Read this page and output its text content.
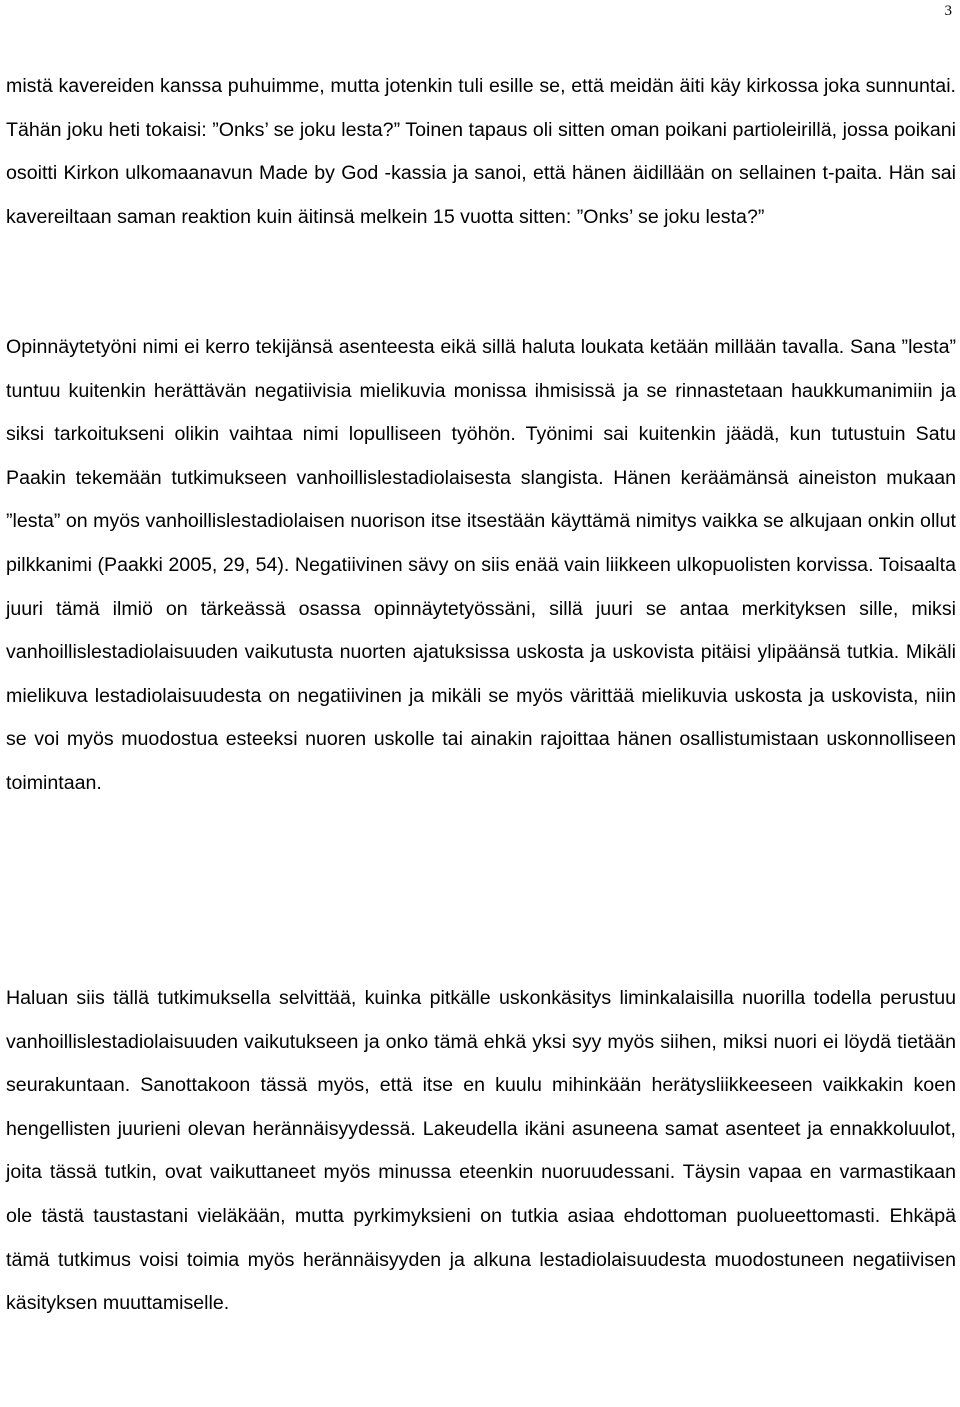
3

mistä kavereiden kanssa puhuimme, mutta jotenkin tuli esille se, että meidän äiti käy kirkossa joka sunnuntai. Tähän joku heti tokaisi: ”Onks’ se joku lesta?” Toinen tapaus oli sitten oman poikani partioleirillä, jossa poikani osoitti Kirkon ulkomaanavun Made by God -kassia ja sanoi, että hänen äidillään on sellainen t-paita. Hän sai kavereiltaan saman reaktion kuin äitinsä melkein 15 vuotta sitten: ”Onks’ se joku lesta?”

Opinnäytetyöni nimi ei kerro tekijänsä asenteesta eikä sillä haluta loukata ketään millään tavalla. Sana ”lesta” tuntuu kuitenkin herättävän negatiivisia mielikuvia monissa ihmisissä ja se rinnastetaan haukkumanimiin ja siksi tarkoitukseni olikin vaihtaa nimi lopulliseen työhön. Työnimi sai kuitenkin jäädä, kun tutustuin Satu Paakin tekemään tutkimukseen vanhoillislestadiolaisesta slangista. Hänen keräämänsä aineiston mukaan ”lesta” on myös vanhoillislestadiolaisen nuorison itse itsestään käyttämä nimitys vaikka se alkujaan onkin ollut pilkkanimi (Paakki 2005, 29, 54). Negatiivinen sävy on siis enää vain liikkeen ulkopuolisten korvissa. Toisaalta juuri tämä ilmiö on tärkeässä osassa opinnäytetyössäni, sillä juuri se antaa merkityksen sille, miksi vanhoillislestadiolaisuuden vaikutusta nuorten ajatuksissa uskosta ja uskovista pitäisi ylipäänsä tutkia. Mikäli mielikuva lestadiolaisuudesta on negatiivinen ja mikäli se myös värittää mielikuvia uskosta ja uskovista, niin se voi myös muodostua esteeksi nuoren uskolle tai ainakin rajoittaa hänen osallistumistaan uskonnolliseen toimintaan.

Haluan siis tällä tutkimuksella selvittää, kuinka pitkälle uskonkäsitys liminkalaisilla nuorilla todella perustuu vanhoillislestadiolaisuuden vaikutukseen ja onko tämä ehkä yksi syy myös siihen, miksi nuori ei löydä tietään seurakuntaan. Sanottakoon tässä myös, että itse en kuulu mihinkään herätysliikkeeseen vaikkakin koen hengellisten juurieni olevan herännäisyydessä. Lakeudella ikäni asuneena samat asenteet ja ennakkoluulot, joita tässä tutkin, ovat vaikuttaneet myös minussa eteenkin nuoruudessani. Täysin vapaa en varmastikaan ole tästä taustastani vieläkään, mutta pyrkimyksieni on tutkia asiaa ehdottoman puolueettomasti. Ehkäpä tämä tutkimus voisi toimia myös herännäisyyden ja alkuna lestadiolaisuudesta muodostuneen negatiivisen käsityksen muuttamiselle.
